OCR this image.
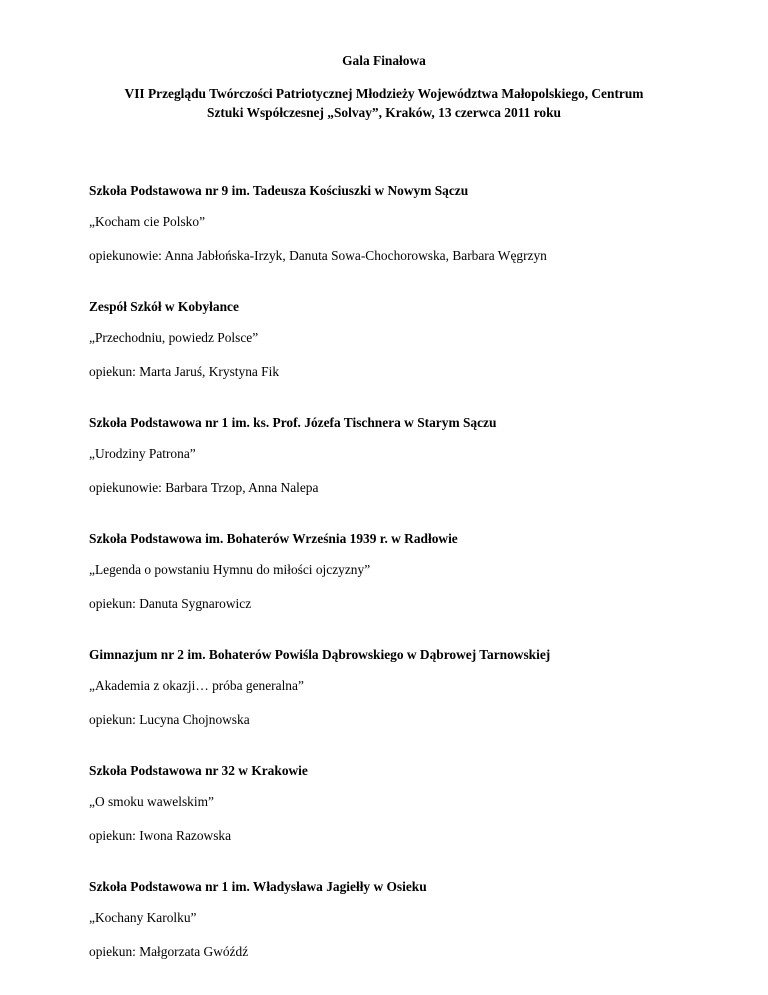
Gala Finałowa

VII Przeglądu Twórczości Patriotycznej Młodzieży Województwa Małopolskiego, Centrum
Sztuki Współczesnej „Solvay”, Kraków, 13 czerwca 2011 roku

Szkoła Podstawowa nr 9 im. Tadeusza Kościuszki w Nowym Sączu

„Kocham cie Polsko”

opiekunowie: Anna Jabłońska-Irzyk, Danuta Sowa-Chochorowska, Barbara Węgrzyn

Zespół Szkół w Kobyłance

„Przechodniu, powiedz Polsce”

opiekun: Marta Jaruś, Krystyna Fik

Szkoła Podstawowa nr 1 im. ks. Prof. Józefa Tischnera w Starym Sączu

„Urodziny Patrona”

opiekunowie: Barbara Trzop, Anna Nalepa

Szkoła Podstawowa im. Bohaterów Września 1939 r. w Radłowie

„Legenda o powstaniu Hymnu do miłości ojczyzny”

opiekun: Danuta Sygnarowicz

Gimnazjum nr 2 im. Bohaterów Powiśla Dąbrowskiego w Dąbrowej Tarnowskiej

„Akademia z okazji… próba generalna”

opiekun: Lucyna Chojnowska

Szkoła Podstawowa nr 32 w Krakowie

„O smoku wawelskim”

opiekun: Iwona Razowska

Szkoła Podstawowa nr 1 im. Władysława Jagiełły w Osieku

„Kochany Karolku”

opiekun: Małgorzata Gwóźdź
